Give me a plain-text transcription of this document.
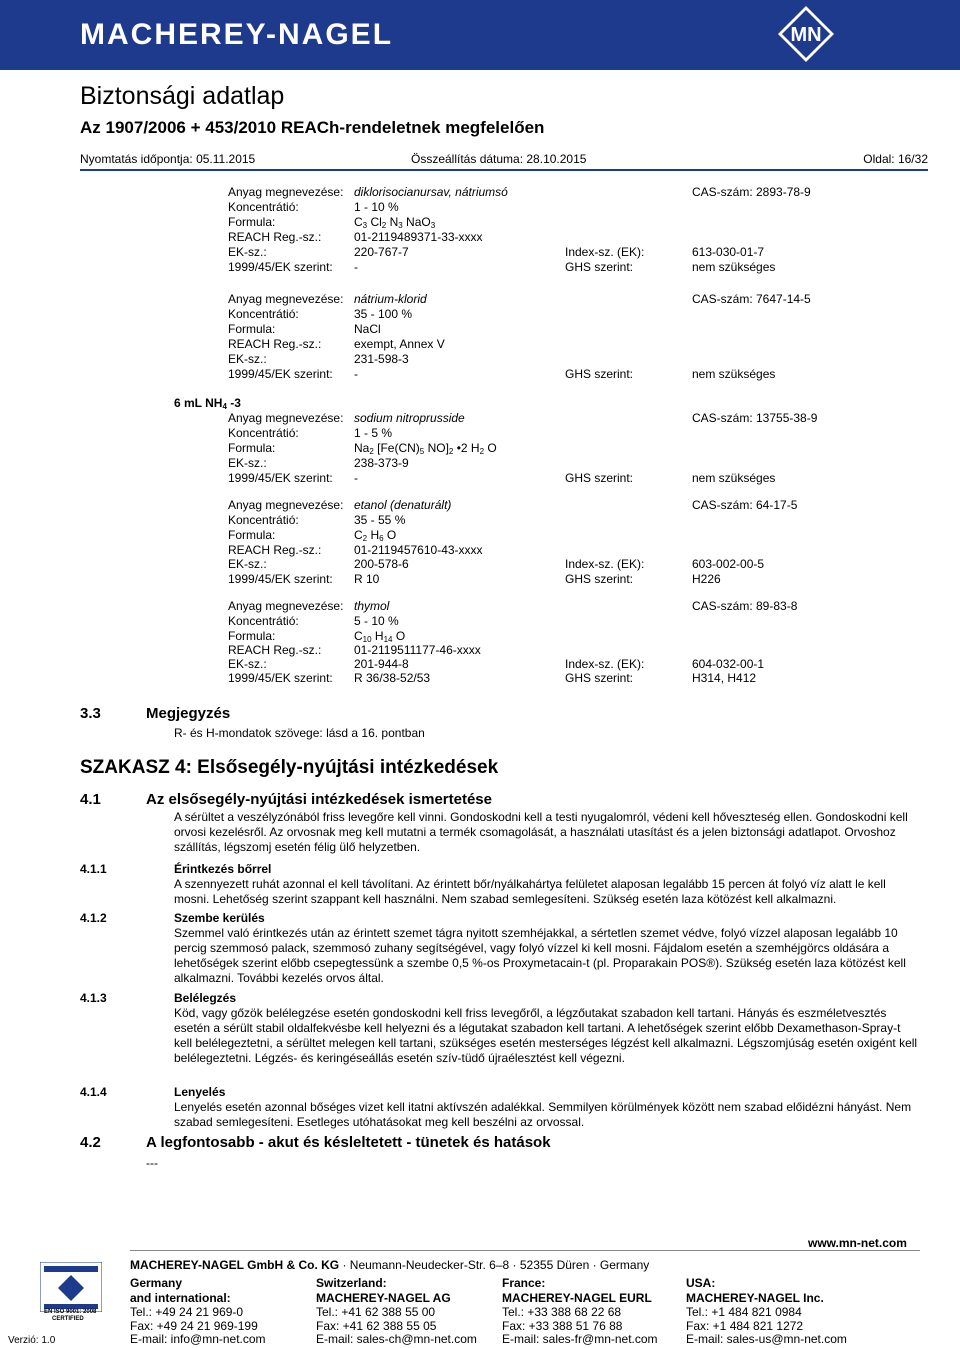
MACHEREY-NAGEL	MN
Biztonsági adatlap
Az 1907/2006 + 453/2010 REACh-rendeletnek megfelelően
Nyomtatás időpontja: 05.11.2015	Összeállítás dátuma: 28.10.2015	Oldal: 16/32
Anyag megnevezése: diklorisocianursav, nátriumsó	CAS-szám: 2893-78-9
Koncentrátió:	1 - 10 %
Formula:	$C_3$ $Cl_2$ $N_3$ NaO$_3$
REACH Reg.-sz.:	01-2119489371-33-xxxx
EK-sz.:	220-767-7	Index-sz. (EK):	613-030-01-7
1999/45/EK szerint: -	GHS szerint:	nem szükséges
Anyag megnevezése: nátrium-klorid	CAS-szám: 7647-14-5
Koncentrátió:	35 - 100 %
Formula:	NaCl
REACH Reg.-sz.:	exempt, Annex V
EK-sz.:	231-598-3
1999/45/EK szerint: -	GHS szerint:	nem szükséges
6 mL $NH_4$ -3
Anyag megnevezése: sodium nitroprusside	CAS-szám: 13755-38-9
Koncentrátió:	1 - 5 %
Formula:	$Na_2$ [$Fe(CN)_5$ $NO]_2$ •2 $H_2$ O
EK-sz.:	238-373-9
1999/45/EK szerint: -	GHS szerint:	nem szükséges
Anyag megnevezése: etanol (denaturált)	CAS-szám: 64-17-5
Koncentrátió:	35 - 55 %
Formula:	$C_2$ $H_6$ O
REACH Reg.-sz.:	01-2119457610-43-xxxx
EK-sz.:	200-578-6	Index-sz. (EK):	603-002-00-5
1999/45/EK szerint: R 10	GHS szerint:	H226
Anyag megnevezése: thymol	CAS-szám: 89-83-8
Koncentrátió:	5 - 10 %
Formula:	$C_{10}$ $H_{14}$ O
REACH Reg.-sz.:	01-2119511177-46-xxxx
EK-sz.:	201-944-8	Index-sz. (EK):	604-032-00-1
1999/45/EK szerint: R 36/38-52/53	GHS szerint:	H314, H412
3.3	Megjegyzés
R- és H-mondatok szövege: lásd a 16. pontban
SZAKASZ 4: Elsősegély-nyújtási intézkedések
4.1	Az elsősegély-nyújtási intézkedések ismertetése
A sérültet a veszélyzónából friss levegőre kell vinni. Gondoskodni kell a testi nyugalomról, védeni kell hőveszteség ellen. Gondoskodni kell orvosi kezelésről. Az orvosnak meg kell mutatni a termék csomagolását, a használati utasítást és a jelen biztonsági adatlapot. Orvoshoz szállítás, légszomj esetén félig ülő helyzetben.
4.1.1	Érintkezés bőrrel
A szennyezett ruhát azonnal el kell távolítani. Az érintett bőr/nyálkahártya felületet alaposan legalább 15 percen át folyó víz alatt le kell mosni. Lehetőség szerint szappant kell használni. Nem szabad semlegesíteni. Szükség esetén laza kötözést kell alkalmazni.
4.1.2	Szembe kerülés
Szemmel való érintkezés után az érintett szemet tágra nyitott szemhéjakkal, a sértetlen szemet védve, folyó vízzel alaposan legalább 10 percig szemmosó palack, szemmosó zuhany segítségével, vagy folyó vízzel ki kell mosni. Fájdalom esetén a szemhéjgörcs oldására a lehetőségek szerint előbb csepegtessünk a szembe 0,5 %-os Proxymetacain-t (pl. Proparakain POS®). Szükség esetén laza kötözést kell alkalmazni. További kezelés orvos által.
4.1.3	Belélegzés
Köd, vagy gőzök belélegzése esetén gondoskodni kell friss levegőről, a légzőutakat szabadon kell tartani. Hányás és eszméletvesztés esetén a sérült stabil oldalfekvésbe kell helyezni és a légutakat szabadon kell tartani. A lehetőségek szerint előbb Dexamethason-Spray-t kell belélegeztetni, a sérültet melegen kell tartani, szükséges esetén mesterséges légzést kell alkalmazni. Légszomjúság esetén oxigént kell belélegeztetni. Légzés- és keringéseállás esetén szív-tüdő újraélesztést kell végezni.
4.1.4	Lenyelés
Lenyelés esetén azonnal bőséges vizet kell itatni aktívszén adalékkal. Semmilyen körülmények között nem szabad előidézni hányást. Nem szabad semlegesíteni. Esetleges utóhatásokat meg kell beszélni az orvossal.
4.2	A legfontosabb - akut és késleltetett - tünetek és hatások
---
MACHEREY-NAGEL GmbH & Co. KG · Neumann-Neudecker-Str. 6–8 · 52355 Düren · Germany
www.mn-net.com
EN ISO 9001: 2008
CERTIFIED
Verzió: 1.0
Germany
and international:
Tel.: +49 24 21 969-0
Fax: +49 24 21 969-199
E-mail: info@mn-net.com
Switzerland:
MACHEREY-NAGEL AG
Tel.: +41 62 388 55 00
Fax: +41 62 388 55 05
E-mail: sales-ch@mn-net.com
France:
MACHEREY-NAGEL EURL
Tel.: +33 388 68 22 68
Fax: +33 388 51 76 88
E-mail: sales-fr@mn-net.com
USA:
MACHEREY-NAGEL Inc.
Tel.: +1 484 821 0984
Fax: +1 484 821 1272
E-mail: sales-us@mn-net.com
